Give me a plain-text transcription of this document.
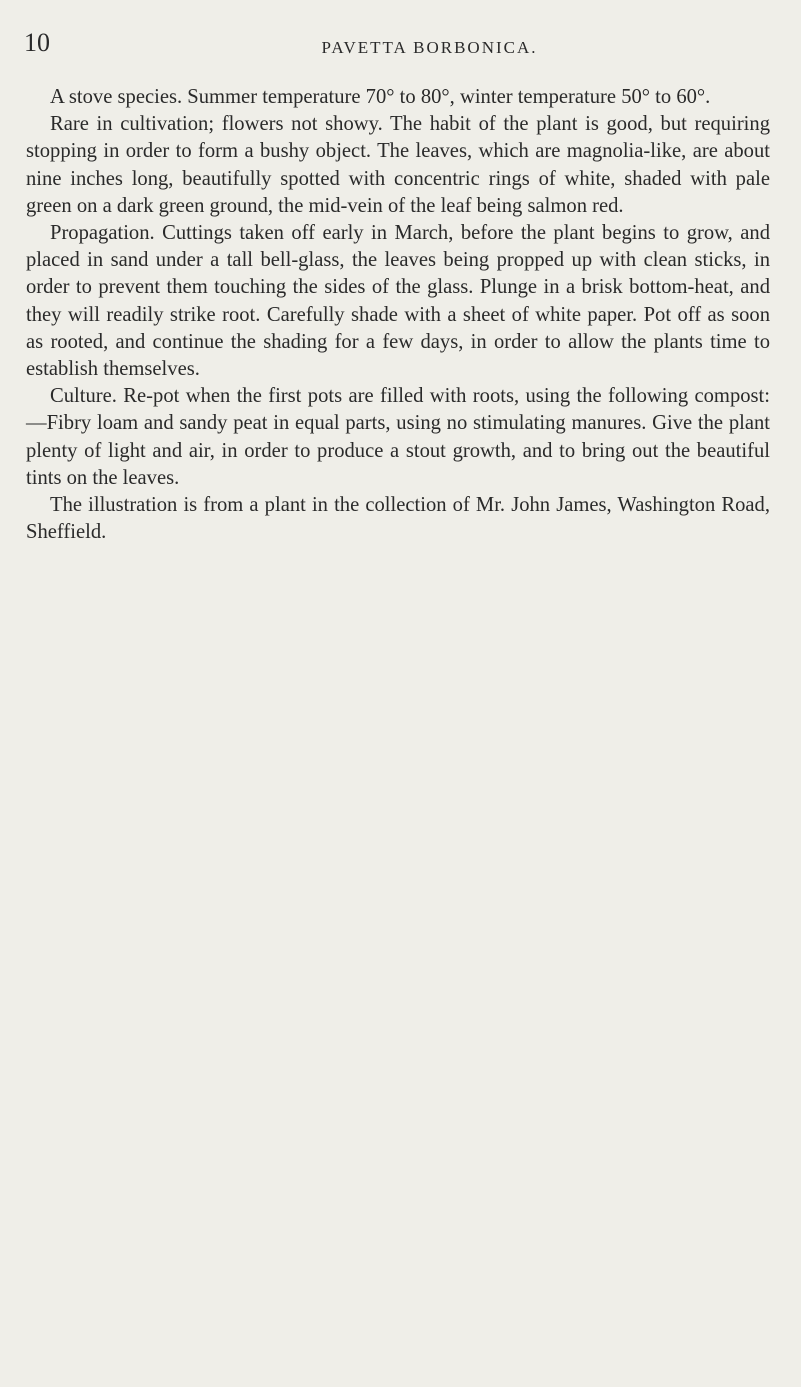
10	PAVETTA BORBONICA.

A stove species. Summer temperature 70° to 80°, winter temperature 50° to 60°.

Rare in cultivation; flowers not showy. The habit of the plant is good, but requiring stopping in order to form a bushy object. The leaves, which are magnolia-like, are about nine inches long, beautifully spotted with concentric rings of white, shaded with pale green on a dark green ground, the mid-vein of the leaf being salmon red.

Propagation. Cuttings taken off early in March, before the plant begins to grow, and placed in sand under a tall bell-glass, the leaves being propped up with clean sticks, in order to prevent them touching the sides of the glass. Plunge in a brisk bottom-heat, and they will readily strike root. Carefully shade with a sheet of white paper. Pot off as soon as rooted, and continue the shading for a few days, in order to allow the plants time to establish themselves.

Culture. Re-pot when the first pots are filled with roots, using the following compost:—Fibry loam and sandy peat in equal parts, using no stimulating manures. Give the plant plenty of light and air, in order to produce a stout growth, and to bring out the beautiful tints on the leaves.

The illustration is from a plant in the collection of Mr. John James, Washington Road, Sheffield.
